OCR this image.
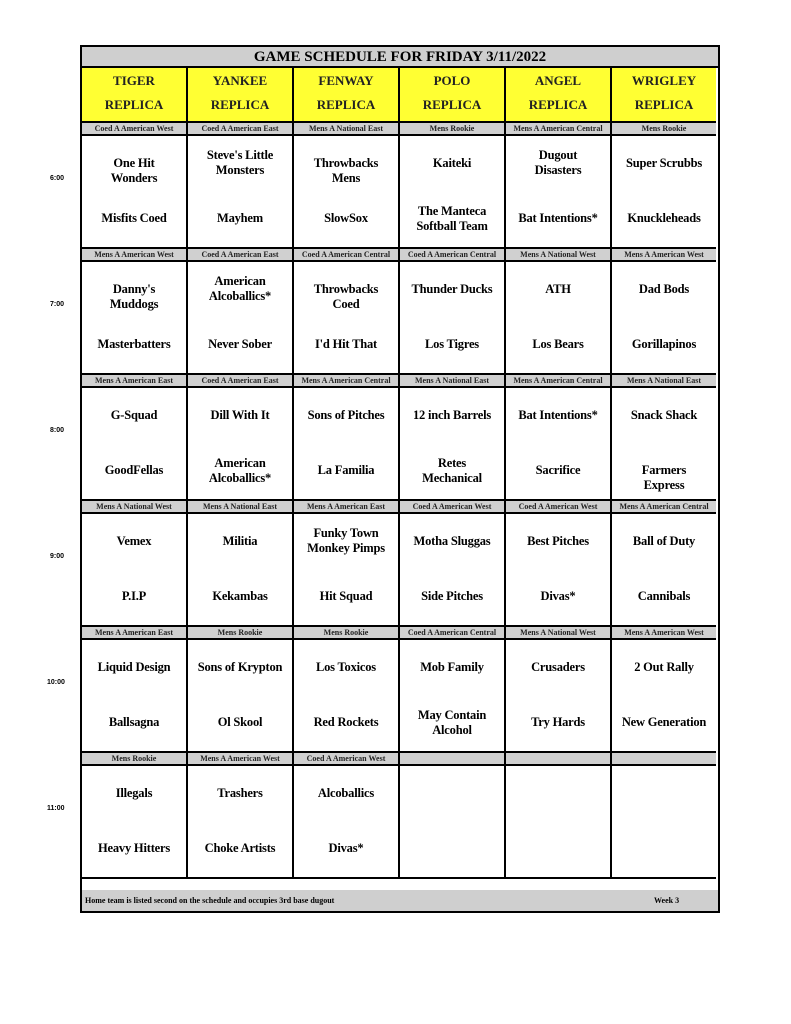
GAME SCHEDULE FOR FRIDAY 3/11/2022
Home team is listed second on the schedule and occupies 3rd base dugout	Week 3
TIGER
REPLICA
YANKEE
REPLICA
FENWAY
REPLICA
POLO
REPLICA
ANGEL
REPLICA
WRIGLEY
REPLICA
Coed A American West
One Hit Wonders
Misfits Coed
Coed A American East
Steve's Little Monsters
Mayhem
Mens A National East
Throwbacks Mens
SlowSox
Mens Rookie
Kaiteki
The Manteca Softball Team
Mens A American Central
Dugout Disasters
Bat Intentions*
Mens Rookie
Super Scrubbs
Knuckleheads
Mens A American West
Danny's Muddogs
Masterbatters
Coed A American East
American Alcoballics*
Never Sober
Coed A American Central
Throwbacks Coed
I'd Hit That
Coed A American Central
Thunder Ducks
Los Tigres
Mens A National West
ATH
Los Bears
Mens A American West
Dad Bods
Gorillapinos
Mens A American East
G-Squad
GoodFellas
Coed A American East
Dill With It
American Alcoballics*
Mens A American Central
Sons of Pitches
La Familia
Mens A National East
12 inch Barrels
Retes Mechanical
Mens A American Central
Bat Intentions*
Sacrifice
Mens A National East
Snack Shack
Farmers Express
Mens A National West
Vemex
P.I.P
Mens A National East
Militia
Kekambas
Mens A American East
Funky Town Monkey Pimps
Hit Squad
Coed A American West
Motha Sluggas
Side Pitches
Coed A American West
Best Pitches
Divas*
Mens A American Central
Ball of Duty
Cannibals
Mens A American East
Liquid Design
Ballsagna
Mens Rookie
Sons of Krypton
Ol Skool
Mens Rookie
Los Toxicos
Red Rockets
Coed A American Central
Mob Family
May Contain Alcohol
Mens A National West
Crusaders
Try Hards
Mens A American West
2 Out Rally
New Generation
Mens Rookie
Illegals
Heavy Hitters
Mens A American West
Trashers
Choke Artists
Coed A American West
Alcoballics
Divas*
6:00
7:00
8:00
9:00
10:00
11:00
